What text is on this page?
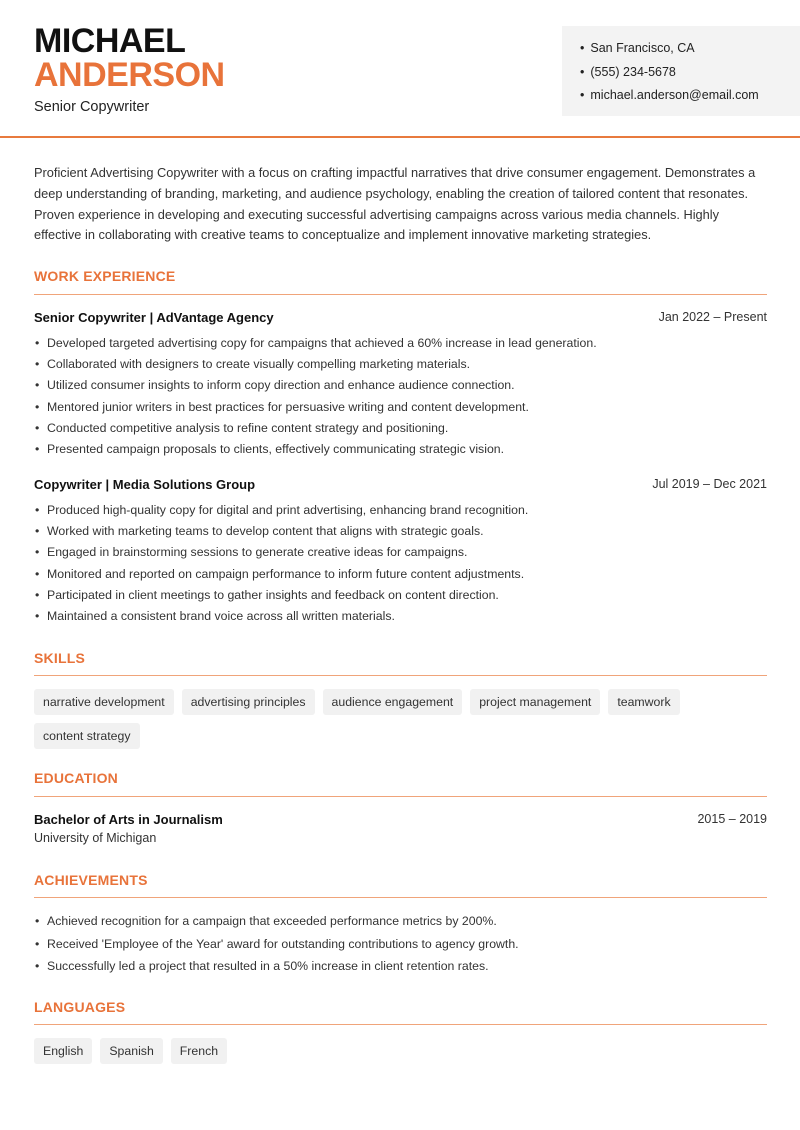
MICHAEL
ANDERSON
Senior Copywriter
• San Francisco, CA
• (555) 234-5678
• michael.anderson@email.com
Proficient Advertising Copywriter with a focus on crafting impactful narratives that drive consumer engagement. Demonstrates a deep understanding of branding, marketing, and audience psychology, enabling the creation of tailored content that resonates. Proven experience in developing and executing successful advertising campaigns across various media channels. Highly effective in collaborating with creative teams to conceptualize and implement innovative marketing strategies.
WORK EXPERIENCE
Senior Copywriter | AdVantage Agency	Jan 2022 – Present
• Developed targeted advertising copy for campaigns that achieved a 60% increase in lead generation.
• Collaborated with designers to create visually compelling marketing materials.
• Utilized consumer insights to inform copy direction and enhance audience connection.
• Mentored junior writers in best practices for persuasive writing and content development.
• Conducted competitive analysis to refine content strategy and positioning.
• Presented campaign proposals to clients, effectively communicating strategic vision.
Copywriter | Media Solutions Group	Jul 2019 – Dec 2021
• Produced high-quality copy for digital and print advertising, enhancing brand recognition.
• Worked with marketing teams to develop content that aligns with strategic goals.
• Engaged in brainstorming sessions to generate creative ideas for campaigns.
• Monitored and reported on campaign performance to inform future content adjustments.
• Participated in client meetings to gather insights and feedback on content direction.
• Maintained a consistent brand voice across all written materials.
SKILLS
narrative development	advertising principles	audience engagement	project management	teamwork
content strategy
EDUCATION
Bachelor of Arts in Journalism	2015 – 2019
University of Michigan
ACHIEVEMENTS
• Achieved recognition for a campaign that exceeded performance metrics by 200%.
• Received 'Employee of the Year' award for outstanding contributions to agency growth.
• Successfully led a project that resulted in a 50% increase in client retention rates.
LANGUAGES
English	Spanish	French
